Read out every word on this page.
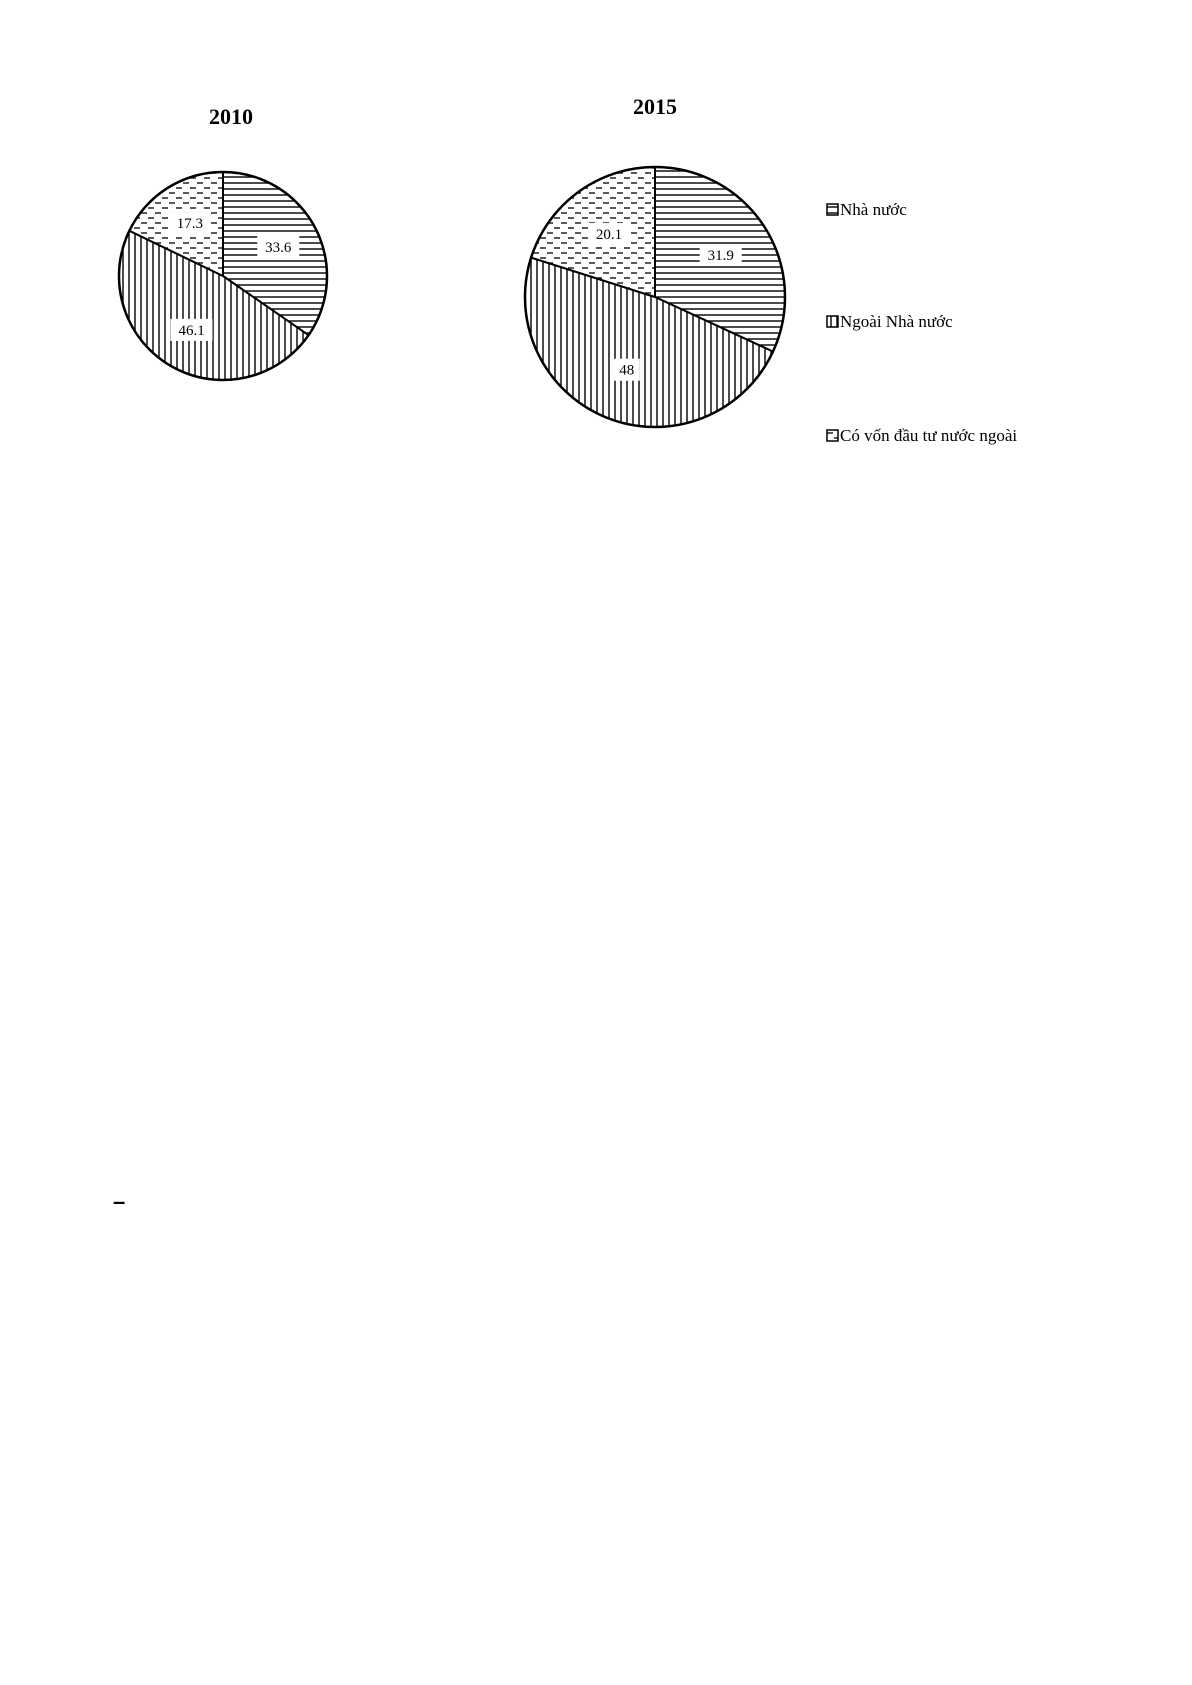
2010
33.6
46.1
17.3
2015
31.9
48
20.1
Nhà nước
Ngoài Nhà nước
Có vốn đầu tư nước ngoài
–
